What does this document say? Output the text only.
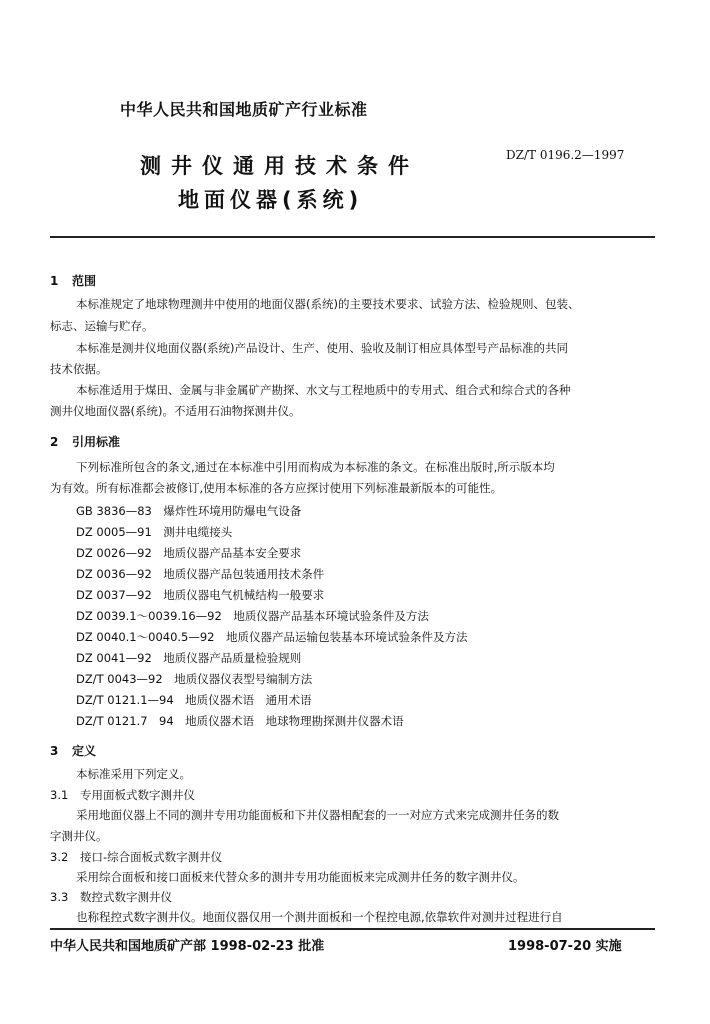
中华人民共和国地质矿产行业标准
测井仪通用技术条件
地面仪器(系统)
DZ/T 0196.2—1997
1 范围
本标准规定了地球物理测井中使用的地面仪器(系统)的主要技术要求、试验方法、检验规则、包装、
标志、运输与贮存。
本标准是测井仪地面仪器(系统)产品设计、生产、使用、验收及制订相应具体型号产品标准的共同
技术依据。
本标准适用于煤田、金属与非金属矿产勘探、水文与工程地质中的专用式、组合式和综合式的各种
测井仪地面仪器(系统)。不适用石油物探测井仪。
2 引用标准
下列标准所包含的条文,通过在本标准中引用而构成为本标准的条文。在标准出版时,所示版本均
为有效。所有标准都会被修订,使用本标准的各方应探讨使用下列标准最新版本的可能性。
GB 3836—83　 爆炸性环境用防爆电气设备
DZ 0005—91　 测井电缆接头
DZ 0026—92　 地质仪器产品基本安全要求
DZ 0036—92　 地质仪器产品包装通用技术条件
DZ 0037—92　 地质仪器电气机械结构一般要求
DZ 0039.1～0039.16—92　 地质仪器产品基本环境试验条件及方法
DZ 0040.1～0040.5—92　 地质仪器产品运输包装基本环境试验条件及方法
DZ 0041—92　 地质仪器产品质量检验规则
DZ/T 0043—92　 地质仪器仪表型号编制方法
DZ/T 0121.1—94　 地质仪器术语　通用术语
DZ/T 0121.7　94　 地质仪器术语　地球物理勘探测井仪器术语
3 定义
本标准采用下列定义。
3.1 专用面板式数字测井仪
采用地面仪器上不同的测井专用功能面板和下井仪器相配套的一一对应方式来完成测井任务的数
字测井仪。
3.2 接口-综合面板式数字测井仪
采用综合面板和接口面板来代替众多的测井专用功能面板来完成测井任务的数字测井仪。
3.3 数控式数字测井仪
也称程控式数字测井仪。地面仪器仅用一个测井面板和一个程控电源,依靠软件对测井过程进行自
中华人民共和国地质矿产部 1998-02-23 批准	1998-07-20 实施
